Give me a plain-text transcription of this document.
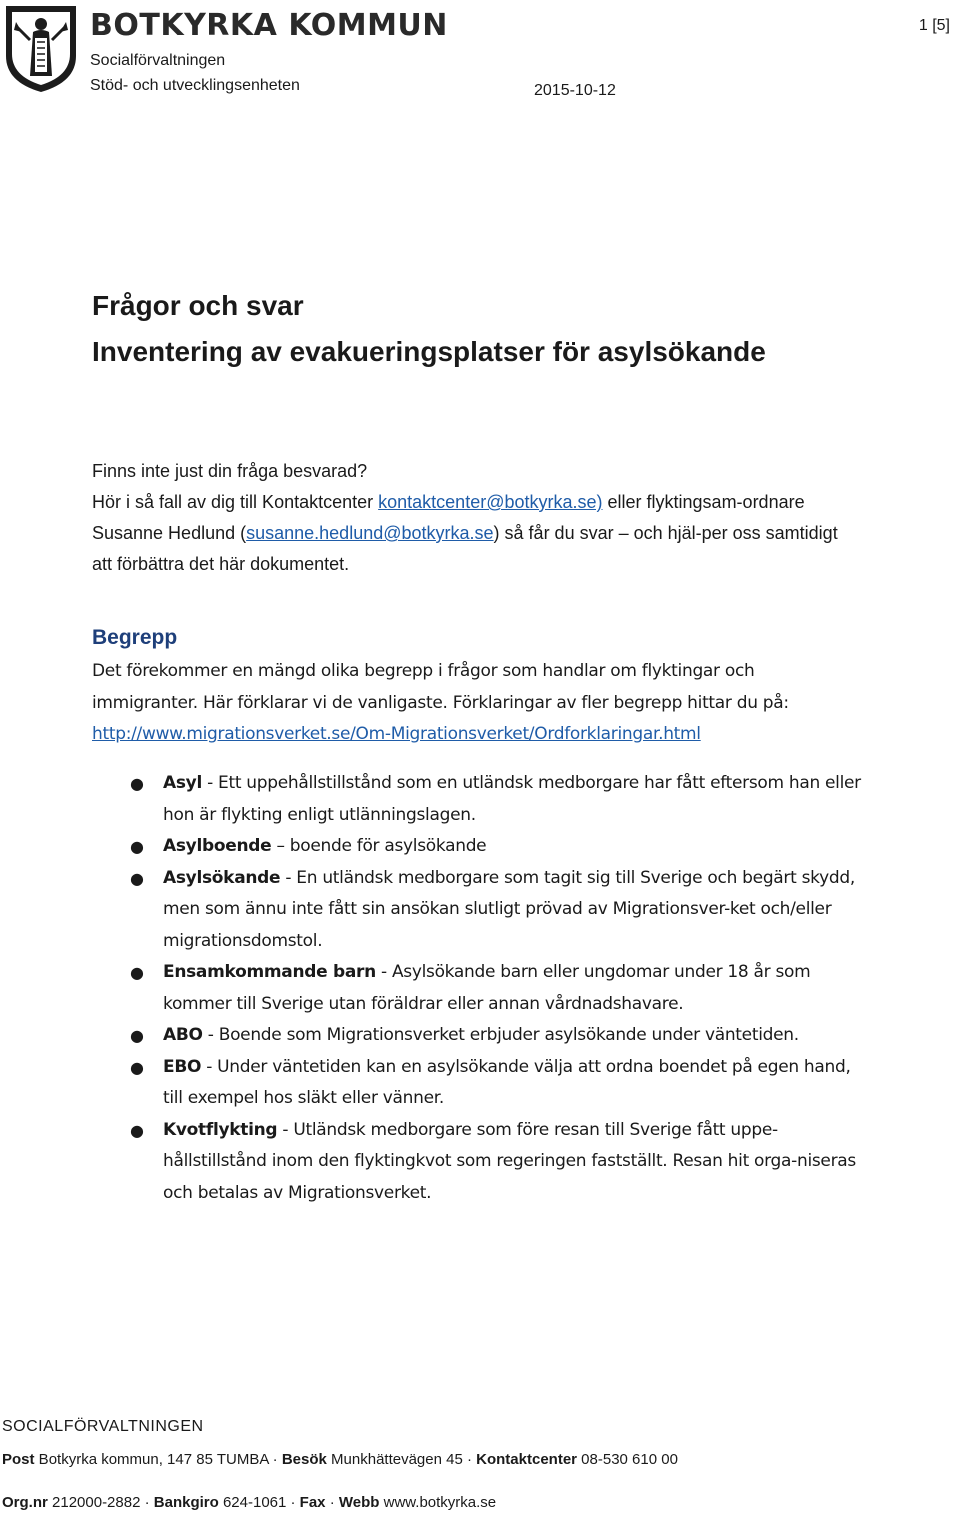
BOTKYRKA KOMMUN
Socialförvaltningen
Stöd- och utvecklingsenheten
1 [5]
2015-10-12
Frågor och svar
Inventering av evakueringsplatser för asylsökande

Finns inte just din fråga besvarad?

Hör i så fall av dig till Kontaktcenter kontaktcenter@botkyrka.se) eller flyktingsam-ordnare Susanne Hedlund (susanne.hedlund@botkyrka.se) så får du svar – och hjäl-per oss samtidigt att förbättra det här dokumentet.

Begrepp

Det förekommer en mängd olika begrepp i frågor som handlar om flyktingar och immigranter. Här förklarar vi de vanligaste. Förklaringar av fler begrepp hittar du på:
http://www.migrationsverket.se/Om-Migrationsverket/Ordforklaringar.html

● Asyl - Ett uppehållstillstånd som en utländsk medborgare har fått eftersom han eller hon är flykting enligt utlänningslagen.
● Asylboende – boende för asylsökande
● Asylsökande - En utländsk medborgare som tagit sig till Sverige och begärt skydd, men som ännu inte fått sin ansökan slutligt prövad av Migrationsver-ket och/eller migrationsdomstol.
● Ensamkommande barn - Asylsökande barn eller ungdomar under 18 år som kommer till Sverige utan föräldrar eller annan vårdnadshavare.
● ABO - Boende som Migrationsverket erbjuder asylsökande under väntetiden.
● EBO - Under väntetiden kan en asylsökande välja att ordna boendet på egen hand, till exempel hos släkt eller vänner.
● Kvotflykting - Utländsk medborgare som före resan till Sverige fått uppe-hållstillstånd inom den flyktingkvot som regeringen fastställt. Resan hit orga-niseras och betalas av Migrationsverket.
SOCIALFÖRVALTNINGEN
Post Botkyrka kommun, 147 85 TUMBA · Besök Munkhättevägen 45 · Kontaktcenter 08-530 610 00
Org.nr 212000-2882 · Bankgiro 624-1061 · Fax · Webb www.botkyrka.se
